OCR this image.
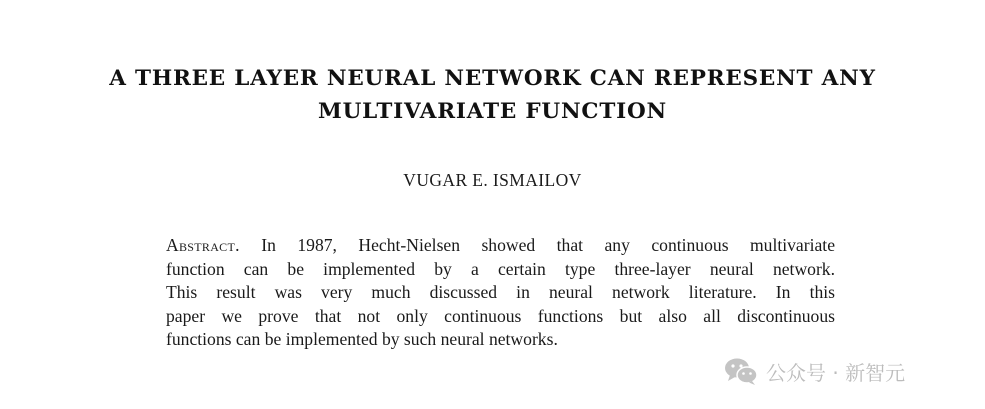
A THREE LAYER NEURAL NETWORK CAN REPRESENT ANY
MULTIVARIATE FUNCTION
VUGAR E. ISMAILOV
Abstract. In 1987, Hecht-Nielsen showed that any continuous multivariate
function can be implemented by a certain type three-layer neural network.
This result was very much discussed in neural network literature. In this
paper we prove that not only continuous functions but also all discontinuous
functions can be implemented by such neural networks.
公众号 · 新智元
